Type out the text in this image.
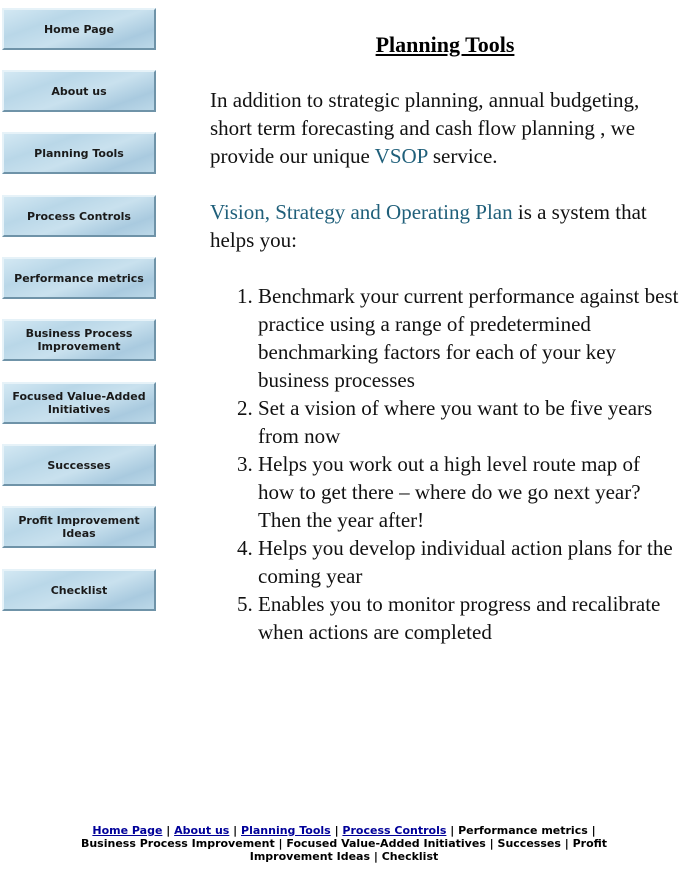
Home Page
About us
Planning Tools
Process Controls
Performance metrics
Business Process Improvement
Focused Value-Added Initiatives
Successes
Profit Improvement Ideas
Checklist
Planning Tools

In addition to strategic planning, annual budgeting, short term forecasting and cash flow planning , we provide our unique VSOP service.

Vision, Strategy and Operating Plan is a system that helps you:

1. Benchmark your current performance against best practice using a range of predetermined benchmarking factors for each of your key business processes
2. Set a vision of where you want to be five years from now
3. Helps you work out a high level route map of how to get there – where do we go next year? Then the year after!
4. Helps you develop individual action plans for the coming year
5. Enables you to monitor progress and recalibrate when actions are completed
Home Page | About us | Planning Tools | Process Controls | Performance metrics | Business Process Improvement | Focused Value-Added Initiatives | Successes | Profit Improvement Ideas | Checklist
